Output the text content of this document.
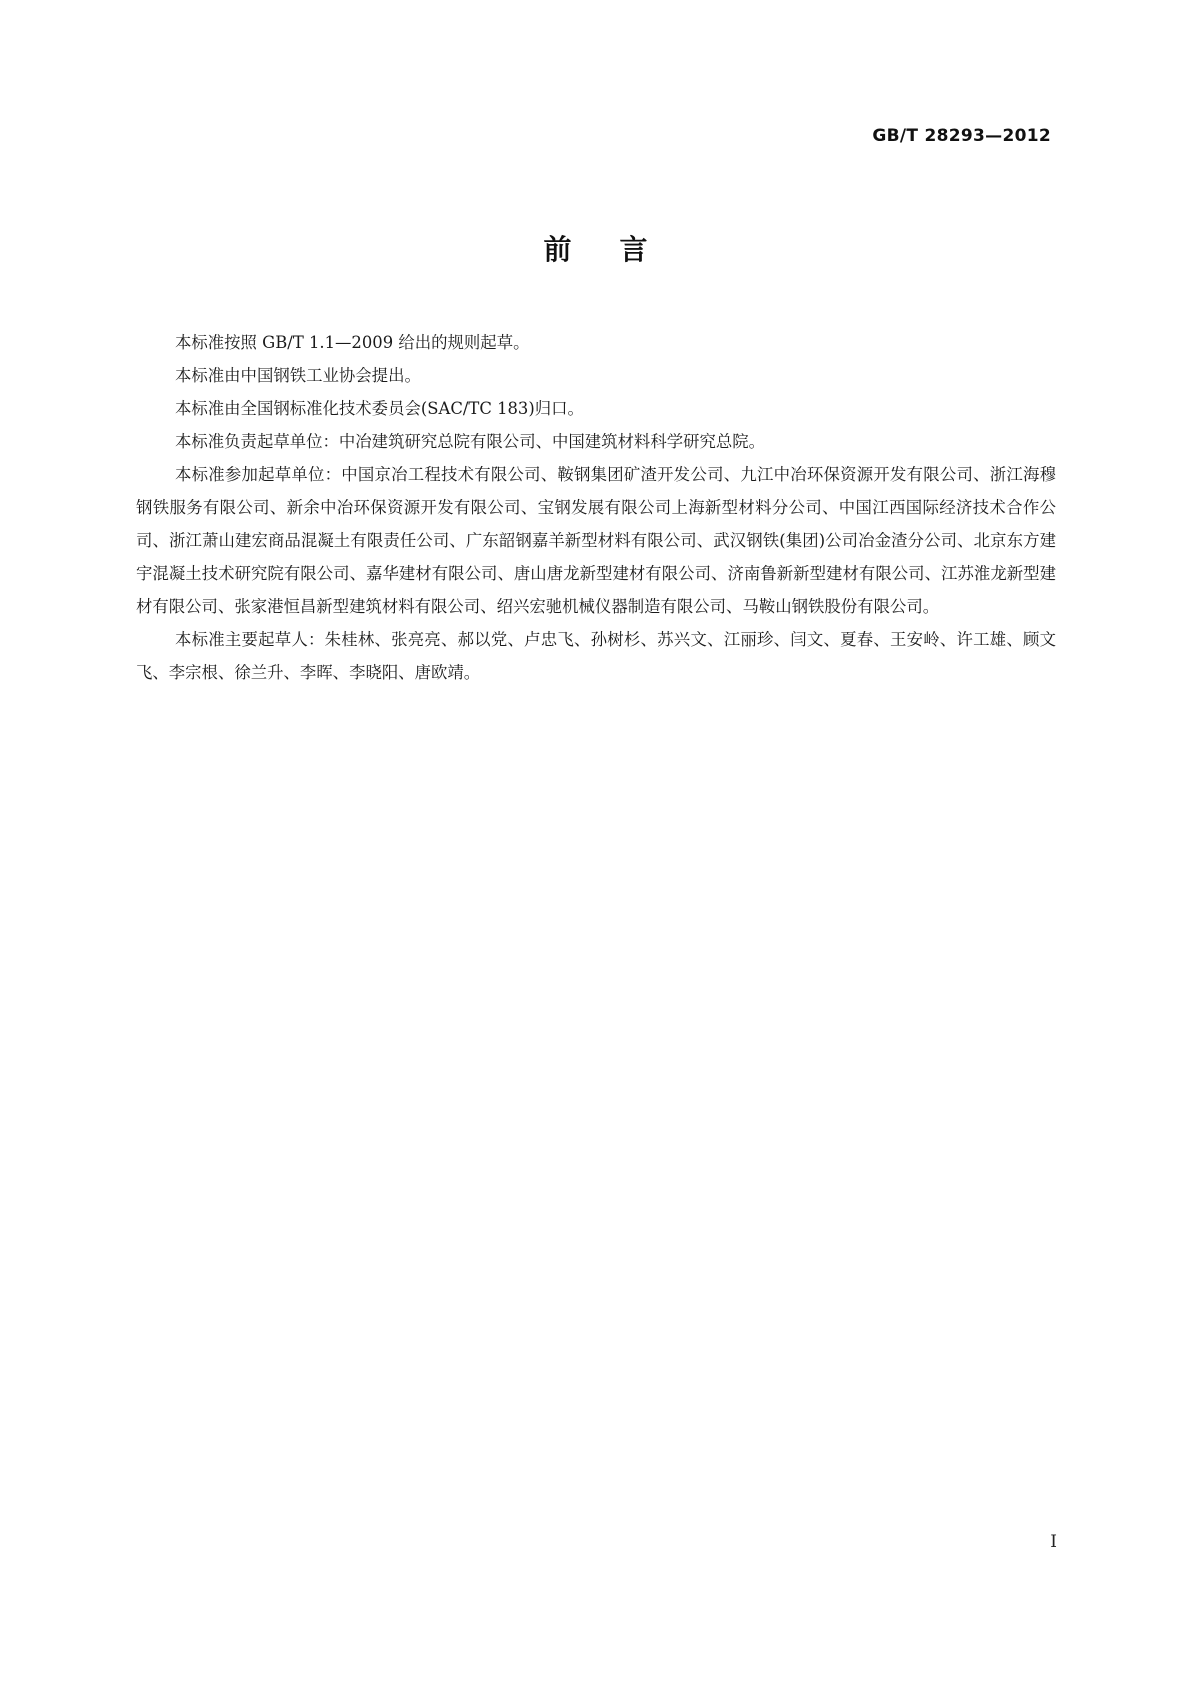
GB/T 28293—2012
前言

本标准按照 GB/T 1.1—2009 给出的规则起草。

本标准由中国钢铁工业协会提出。

本标准由全国钢标准化技术委员会(SAC/TC 183)归口。

本标准负责起草单位：中冶建筑研究总院有限公司、中国建筑材料科学研究总院。

本标准参加起草单位：中国京冶工程技术有限公司、鞍钢集团矿渣开发公司、九江中冶环保资源开发有限公司、浙江海穆钢铁服务有限公司、新余中冶环保资源开发有限公司、宝钢发展有限公司上海新型材料分公司、中国江西国际经济技术合作公司、浙江萧山建宏商品混凝土有限责任公司、广东韶钢嘉羊新型材料有限公司、武汉钢铁(集团)公司冶金渣分公司、北京东方建宇混凝土技术研究院有限公司、嘉华建材有限公司、唐山唐龙新型建材有限公司、济南鲁新新型建材有限公司、江苏淮龙新型建材有限公司、张家港恒昌新型建筑材料有限公司、绍兴宏驰机械仪器制造有限公司、马鞍山钢铁股份有限公司。

本标准主要起草人：朱桂林、张亮亮、郝以党、卢忠飞、孙树杉、苏兴文、江丽珍、闫文、夏春、王安岭、许工雄、顾文飞、李宗根、徐兰升、李晖、李晓阳、唐欧靖。

I
